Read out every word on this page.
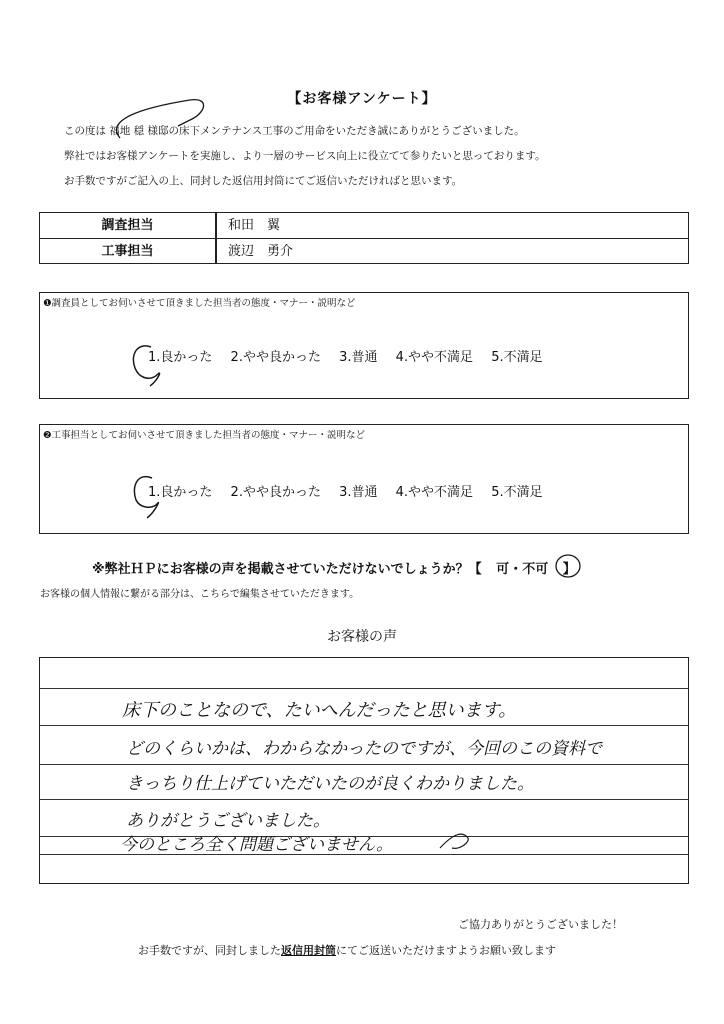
【お客様アンケート】
この度は 福地 穏 様邸の床下メンテナンス工事のご用命をいただき誠にありがとうございました。
弊社ではお客様アンケートを実施し、より一層のサービス向上に役立てて参りたいと思っております。
お手数ですがご記入の上、同封した返信用封筒にてご返信いただければと思います。
調査担当	和田　翼
工事担当	渡辺　勇介
❶調査員としてお伺いさせて頂きました担当者の態度・マナー・説明など
1.良かった 2.やや良かった 3.普通 4.やや不満足 5.不満足
❷工事担当としてお伺いさせて頂きました担当者の態度・マナー・説明など
1.良かった 2.やや良かった 3.普通 4.やや不満足 5.不満足
※弊社ＨＰにお客様の声を掲載させていただけないでしょうか？【 可・不可 】
お客様の個人情報に繋がる部分は、こちらで編集させていただきます。
お客様の声
床下のことなので、たいへんだったと思います。
どのくらいかは、わからなかったのですが、今回のこの資料で
きっちり仕上げていただいたのが良くわかりました。
ありがとうございました。
今のところ全く問題ございません。
ご協力ありがとうございました！
お手数ですが、同封しました返信用封筒にてご返送いただけますようお願い致します
